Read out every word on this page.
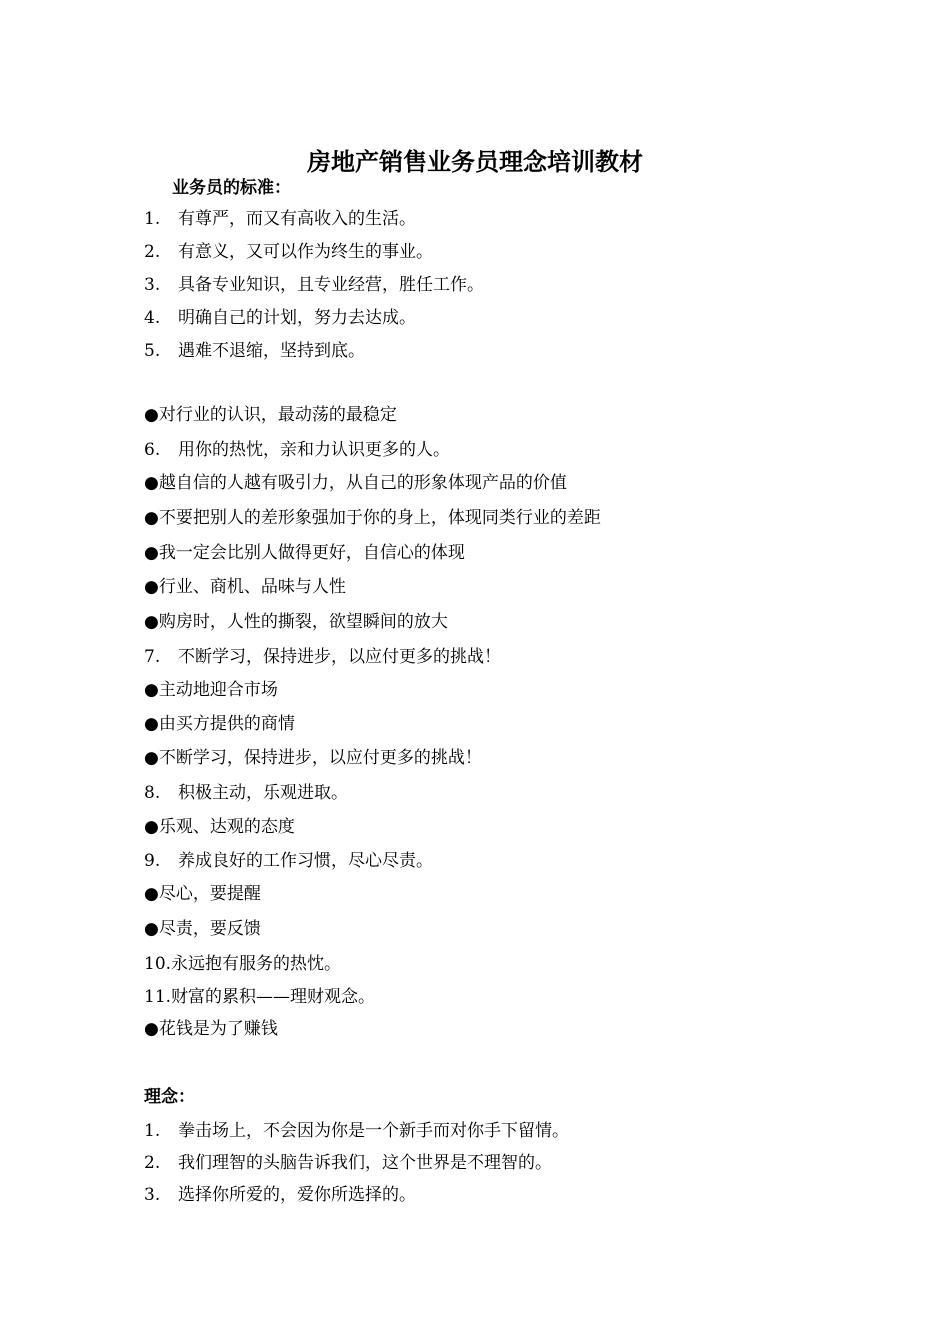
房地产销售业务员理念培训教材
业务员的标准：
1. 有尊严，而又有高收入的生活。
2. 有意义，又可以作为终生的事业。
3. 具备专业知识，且专业经营，胜任工作。
4. 明确自己的计划，努力去达成。
5. 遇难不退缩，坚持到底。
●对行业的认识，最动荡的最稳定
6. 用你的热忱，亲和力认识更多的人。
●越自信的人越有吸引力，从自己的形象体现产品的价值
●不要把别人的差形象强加于你的身上，体现同类行业的差距
●我一定会比别人做得更好，自信心的体现
●行业、商机、品味与人性
●购房时，人性的撕裂，欲望瞬间的放大
7. 不断学习，保持进步，以应付更多的挑战！
●主动地迎合市场
●由买方提供的商情
●不断学习，保持进步，以应付更多的挑战！
8. 积极主动，乐观进取。
●乐观、达观的态度
9. 养成良好的工作习惯，尽心尽责。
●尽心，要提醒
●尽责，要反馈
10.永远抱有服务的热忱。
11.财富的累积——理财观念。
●花钱是为了赚钱
理念：
1. 拳击场上，不会因为你是一个新手而对你手下留情。
2. 我们理智的头脑告诉我们，这个世界是不理智的。
3. 选择你所爱的，爱你所选择的。
